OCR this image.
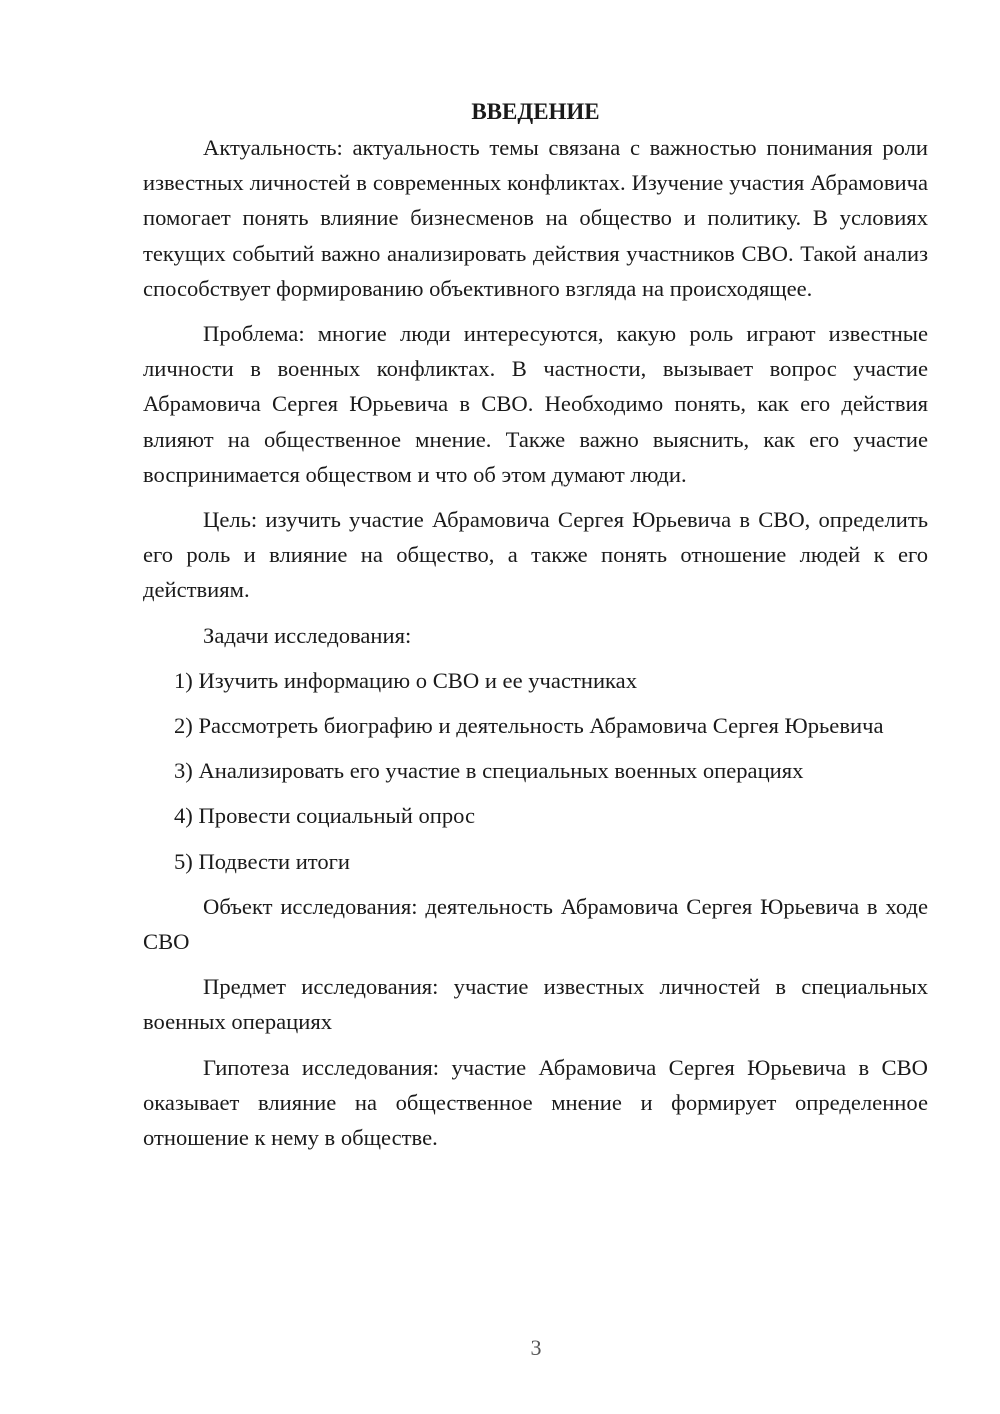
ВВЕДЕНИЕ

Актуальность: актуальность темы связана с важностью понимания роли известных личностей в современных конфликтах. Изучение участия Абрамовича помогает понять влияние бизнесменов на общество и политику. В условиях текущих событий важно анализировать действия участников СВО. Такой анализ способствует формированию объективного взгляда на происходящее.

Проблема: многие люди интересуются, какую роль играют известные личности в военных конфликтах. В частности, вызывает вопрос участие Абрамовича Сергея Юрьевича в СВО. Необходимо понять, как его действия влияют на общественное мнение. Также важно выяснить, как его участие воспринимается обществом и что об этом думают люди.

Цель: изучить участие Абрамовича Сергея Юрьевича в СВО, определить его роль и влияние на общество, а также понять отношение людей к его действиям.

Задачи исследования:

1) Изучить информацию о СВО и ее участниках

2) Рассмотреть биографию и деятельность Абрамовича Сергея Юрьевича

3) Анализировать его участие в специальных военных операциях

4) Провести социальный опрос

5) Подвести итоги

Объект исследования: деятельность Абрамовича Сергея Юрьевича в ходе СВО

Предмет исследования: участие известных личностей в специальных военных операциях

Гипотеза исследования: участие Абрамовича Сергея Юрьевича в СВО оказывает влияние на общественное мнение и формирует определенное отношение к нему в обществе.

3
